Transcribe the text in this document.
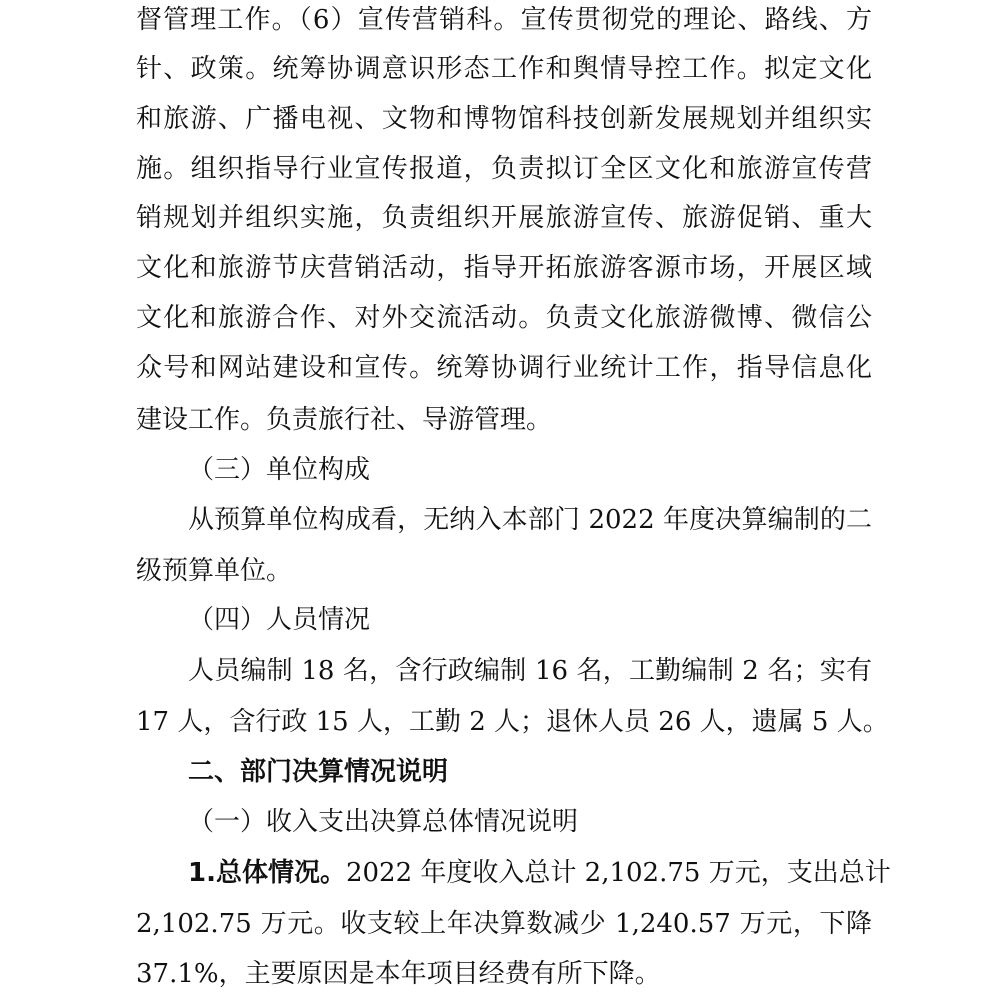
督管理工作。（6）宣传营销科。宣传贯彻党的理论、路线、方
针、政策。统筹协调意识形态工作和舆情导控工作。拟定文化
和旅游、广播电视、文物和博物馆科技创新发展规划并组织实
施。组织指导行业宣传报道，负责拟订全区文化和旅游宣传营
销规划并组织实施，负责组织开展旅游宣传、旅游促销、重大
文化和旅游节庆营销活动，指导开拓旅游客源市场，开展区域
文化和旅游合作、对外交流活动。负责文化旅游微博、微信公
众号和网站建设和宣传。统筹协调行业统计工作，指导信息化
建设工作。负责旅行社、导游管理。
（三）单位构成
从预算单位构成看，无纳入本部门 2022 年度决算编制的二
级预算单位。
（四）人员情况
人员编制 18 名，含行政编制 16 名，工勤编制 2 名；实有
17 人，含行政 15 人，工勤 2 人；退休人员 26 人，遗属 5 人。
二、部门决算情况说明
（一）收入支出决算总体情况说明
1.总体情况。2022 年度收入总计 2,102.75 万元，支出总计
2,102.75 万元。收支较上年决算数减少 1,240.57 万元，下降
37.1%，主要原因是本年项目经费有所下降。
